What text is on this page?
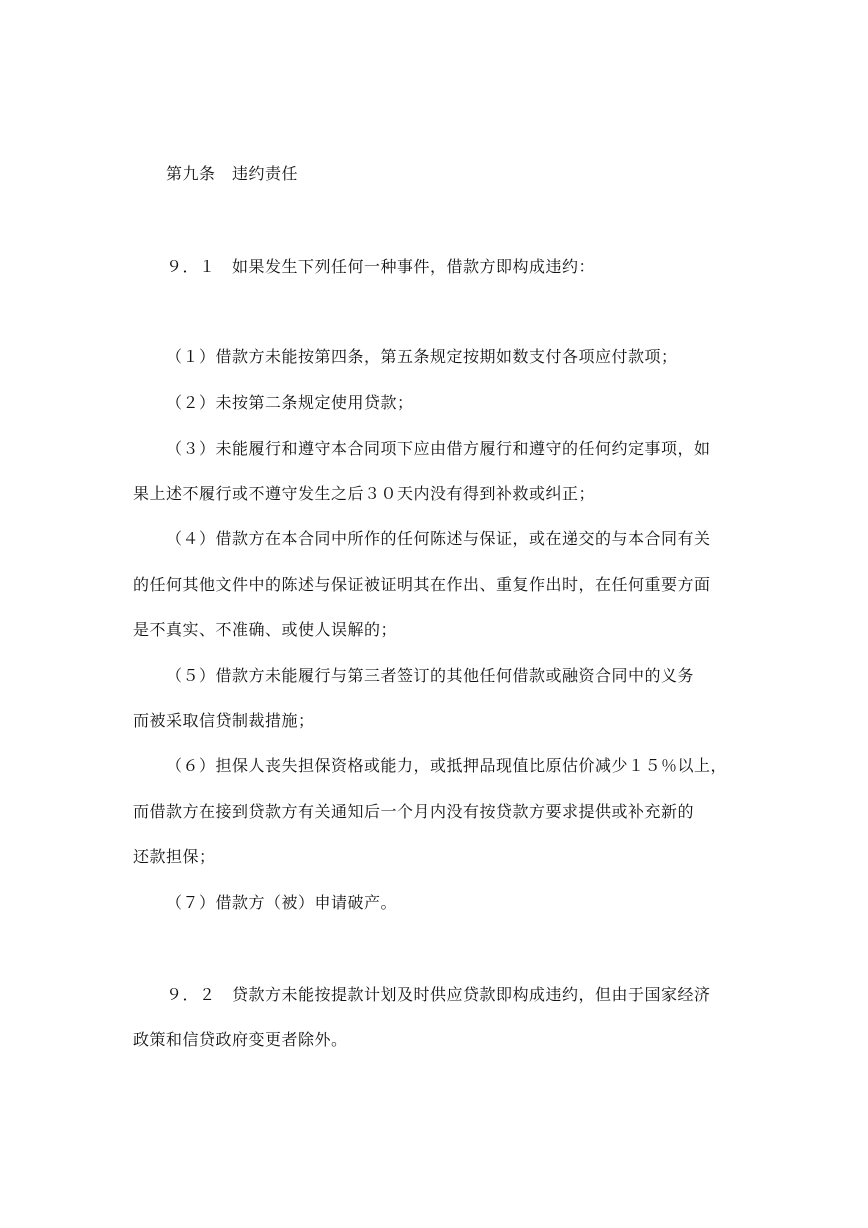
第九条　违约责任
９．１　如果发生下列任何一种事件，借款方即构成违约：
（１）借款方未能按第四条，第五条规定按期如数支付各项应付款项；
（２）未按第二条规定使用贷款；
（３）未能履行和遵守本合同项下应由借方履行和遵守的任何约定事项，如
果上述不履行或不遵守发生之后３０天内没有得到补救或纠正；
（４）借款方在本合同中所作的任何陈述与保证，或在递交的与本合同有关
的任何其他文件中的陈述与保证被证明其在作出、重复作出时，在任何重要方面
是不真实、不准确、或使人误解的；
（５）借款方未能履行与第三者签订的其他任何借款或融资合同中的义务
而被采取信贷制裁措施；
（６）担保人丧失担保资格或能力，或抵押品现值比原估价减少１５％以上，
而借款方在接到贷款方有关通知后一个月内没有按贷款方要求提供或补充新的
还款担保；
（７）借款方（被）申请破产。
９．２　贷款方未能按提款计划及时供应贷款即构成违约，但由于国家经济
政策和信贷政府变更者除外。
